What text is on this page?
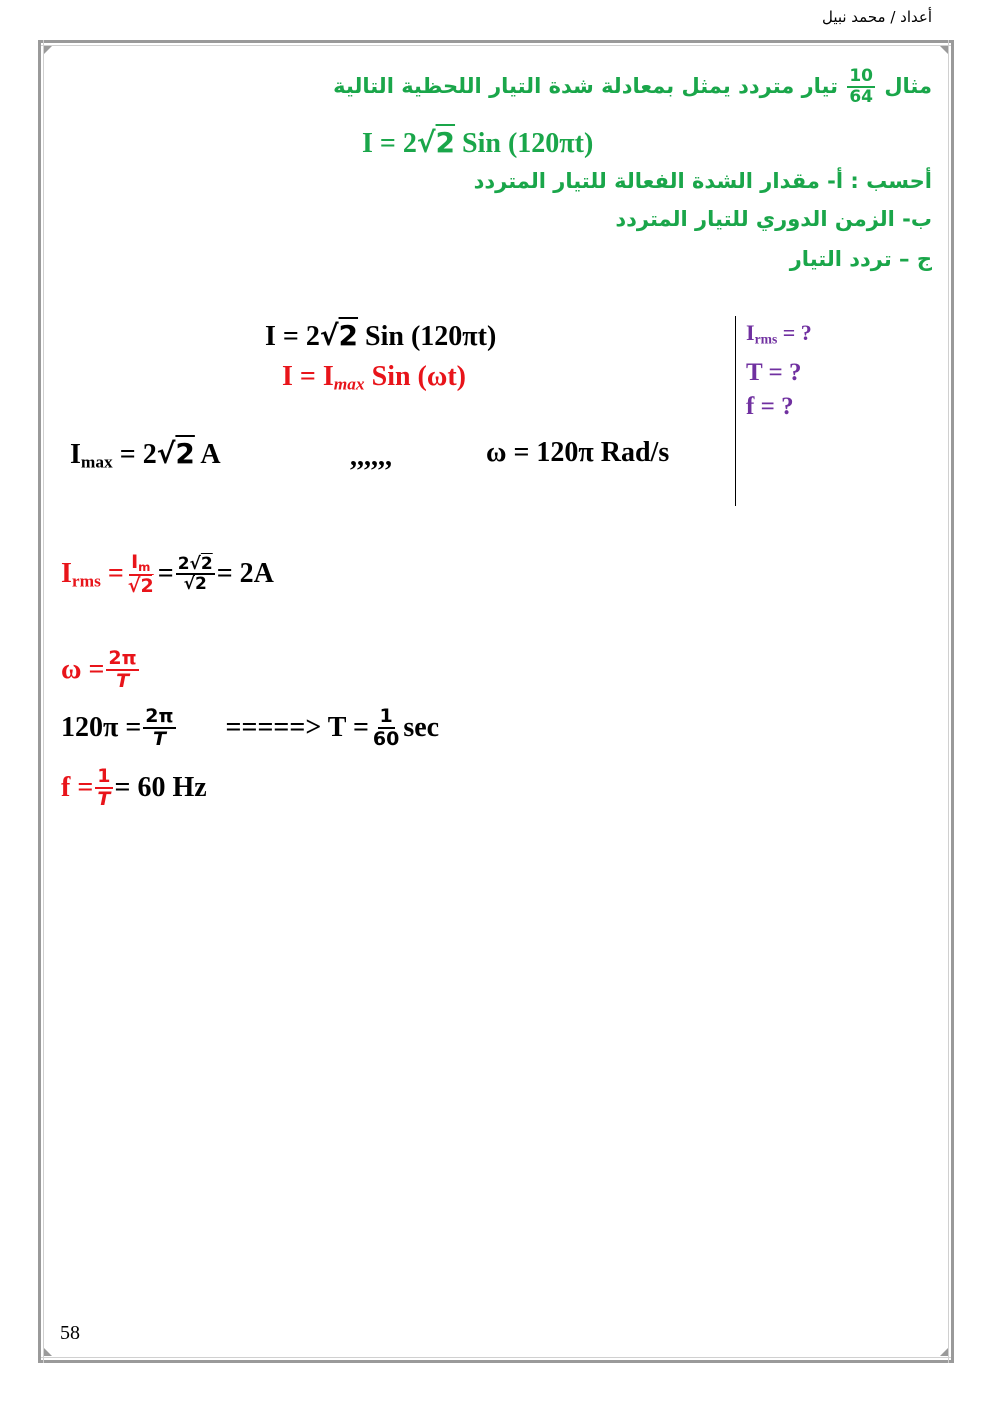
أعداد / محمد نبيل
مثال
$\frac{10}{64}$
تيار متردد يمثل بمعادلة شدة التيار اللحظية التالية
I = 2√2 Sin (120πt)
أحسب : أ- مقدار الشدة الفعالة للتيار المتردد
ب- الزمن الدوري للتيار المتردد
ج – تردد التيار
I = 2√2 Sin (120πt)
$I = I_{max}$ Sin (ωt)
$I_{rms}$ = ?
T = ?
f = ?
$I_{max} = 2√2$ A	,,,,,,	ω = 120π Rad/s
$I_{rms} = \frac{I_m}{√2} = \frac{2√2}{√2} = 2A$
$\omega = \frac{2\pi}{T}$
$120\pi = \frac{2\pi}{T}$ =====> $T = \frac{1}{60}$ sec
$f = \frac{1}{T} = 60$ Hz
58
